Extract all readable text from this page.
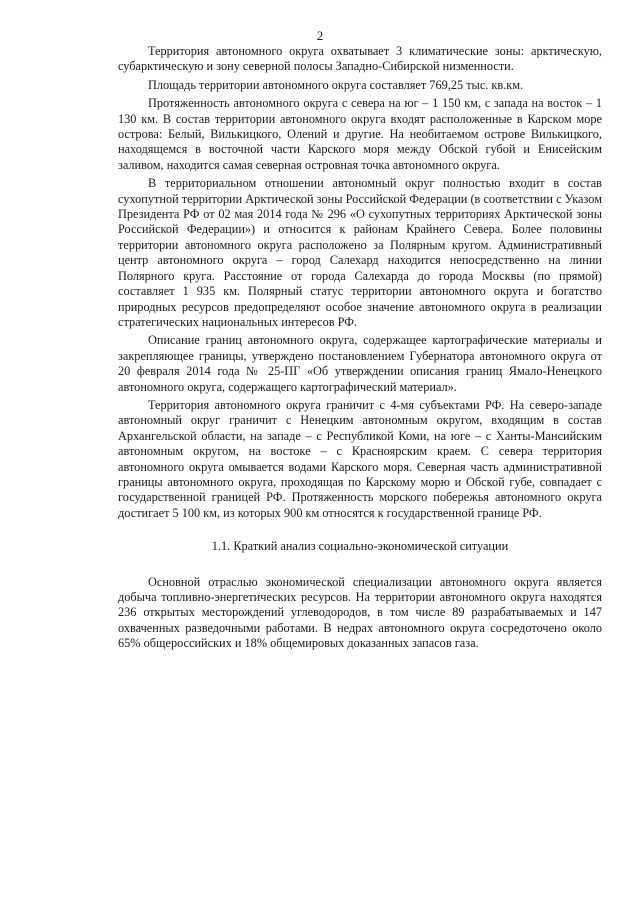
2

Территория автономного округа охватывает 3 климатические зоны: арктическую, субарктическую и зону северной полосы Западно-Сибирской низменности.

Площадь территории автономного округа составляет 769,25 тыс. кв.км.

Протяженность автономного округа с севера на юг – 1 150 км, с запада на восток – 1 130 км. В состав территории автономного округа входят расположенные в Карском море острова: Белый, Вилькицкого, Олений и другие. На необитаемом острове Вилькицкого, находящемся в восточной части Карского моря между Обской губой и Енисейским заливом, находится самая северная островная точка автономного округа.

В территориальном отношении автономный округ полностью входит в состав сухопутной территории Арктической зоны Российской Федерации (в соответствии с Указом Президента РФ от 02 мая 2014 года № 296 «О сухопутных территориях Арктической зоны Российской Федерации») и относится к районам Крайнего Севера. Более половины территории автономного округа расположено за Полярным кругом. Административный центр автономного округа – город Салехард находится непосредственно на линии Полярного круга. Расстояние от города Салехарда до города Москвы (по прямой) составляет 1 935 км. Полярный статус территории автономного округа и богатство природных ресурсов предопределяют особое значение автономного округа в реализации стратегических национальных интересов РФ.

Описание границ автономного округа, содержащее картографические материалы и закрепляющее границы, утверждено постановлением Губернатора автономного округа от 20 февраля 2014 года № 25-ПГ «Об утверждении описания границ Ямало-Ненецкого автономного округа, содержащего картографический материал».

Территория автономного округа граничит с 4-мя субъектами РФ. На северо-западе автономный округ граничит с Ненецким автономным округом, входящим в состав Архангельской области, на западе – с Республикой Коми, на юге – с Ханты-Мансийским автономным округом, на востоке – с Красноярским краем. С севера территория автономного округа омывается водами Карского моря. Северная часть административной границы автономного округа, проходящая по Карскому морю и Обской губе, совпадает с государственной границей РФ. Протяженность морского побережья автономного округа достигает 5 100 км, из которых 900 км относятся к государственной границе РФ.

1.1. Краткий анализ социально-экономической ситуации

Основной отраслью экономической специализации автономного округа является добыча топливно-энергетических ресурсов. На территории автономного округа находятся 236 открытых месторождений углеводородов, в том числе 89 разрабатываемых и 147 охваченных разведочными работами. В недрах автономного округа сосредоточено около 65% общероссийских и 18% общемировых доказанных запасов газа.
